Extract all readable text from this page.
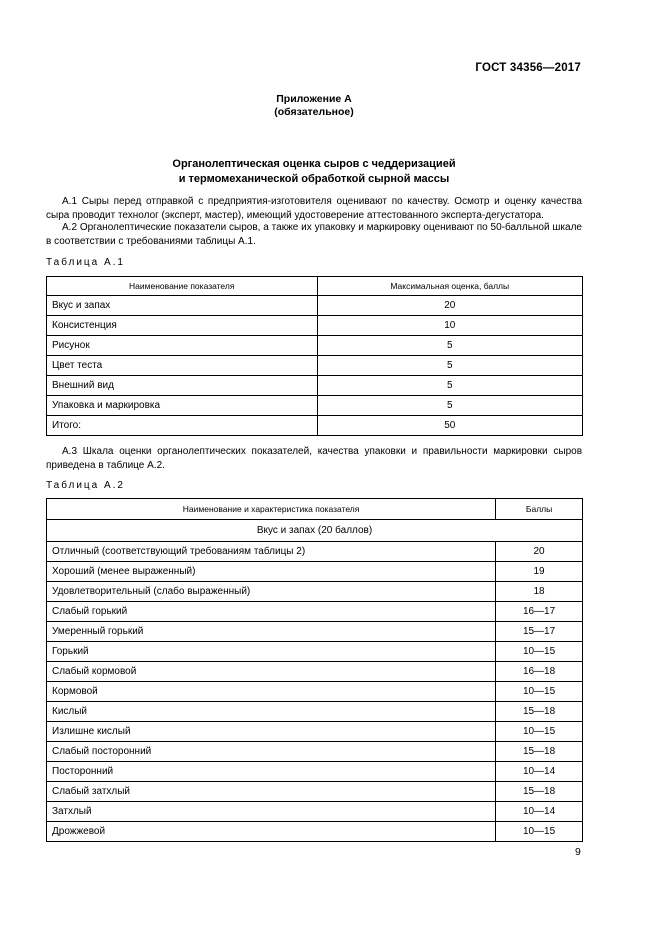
ГОСТ 34356—2017
Приложение А
(обязательное)
Органолептическая оценка сыров с чеддеризацией
и термомеханической обработкой сырной массы
А.1 Сыры перед отправкой с предприятия-изготовителя оценивают по качеству. Осмотр и оценку качества сыра проводит технолог (эксперт, мастер), имеющий удостоверение аттестованного эксперта-дегустатора.
А.2 Органолептические показатели сыров, а также их упаковку и маркировку оценивают по 50-балльной шкале в соответствии с требованиями таблицы А.1.
Таблица А.1
Наименование показателя	Максимальная оценка, баллы
Вкус и запах	20
Консистенция	10
Рисунок	5
Цвет теста	5
Внешний вид	5
Упаковка и маркировка	5
Итого:	50
А.3 Шкала оценки органолептических показателей, качества упаковки и правильности маркировки сыров приведена в таблице А.2.
Таблица А.2
Наименование и характеристика показателя	Баллы
Вкус и запах (20 баллов)	
Отличный (соответствующий требованиям таблицы 2)	20
Хороший (менее выраженный)	19
Удовлетворительный (слабо выраженный)	18
Слабый горький	16—17
Умеренный горький	15—17
Горький	10—15
Слабый кормовой	16—18
Кормовой	10—15
Кислый	15—18
Излишне кислый	10—15
Слабый посторонний	15—18
Посторонний	10—14
Слабый затхлый	15—18
Затхлый	10—14
Дрожжевой	10—15
9
